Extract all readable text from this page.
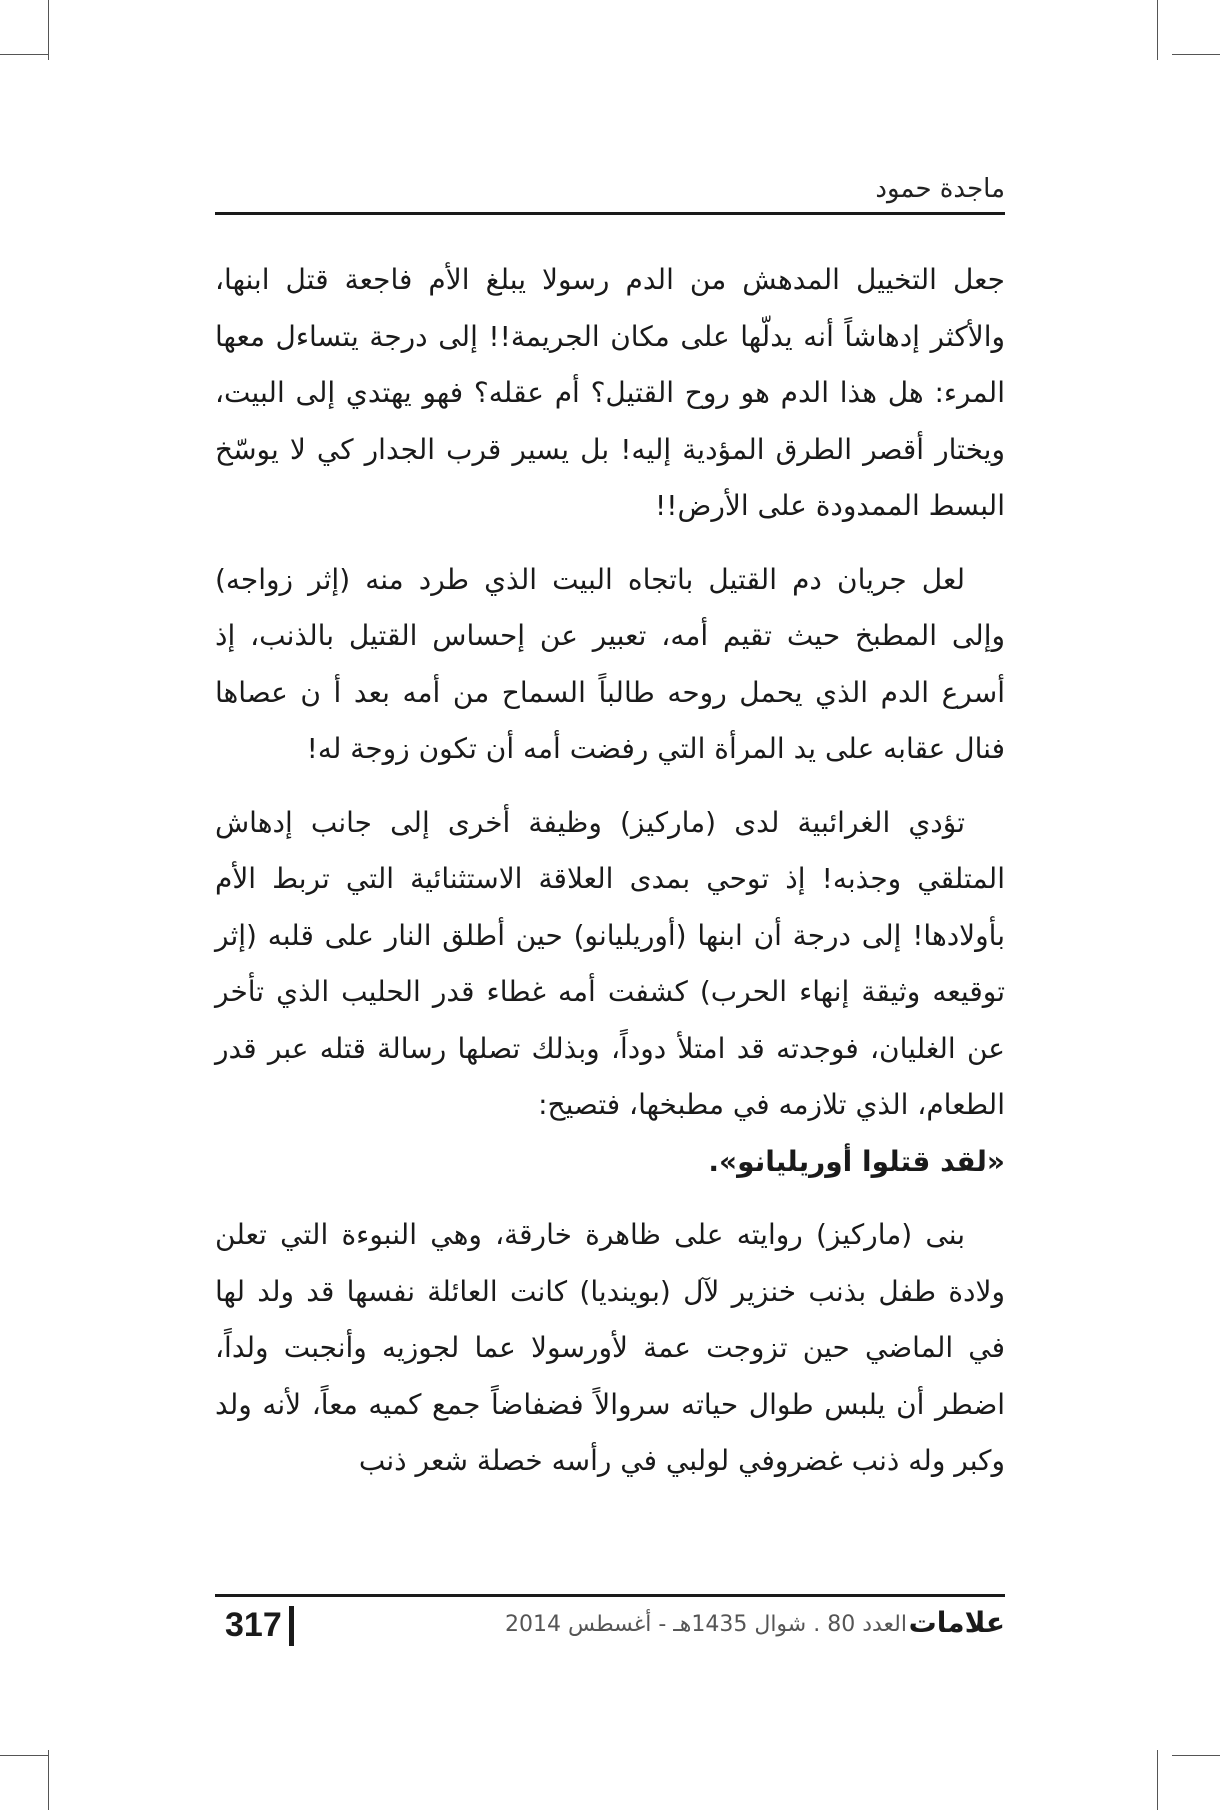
ماجدة حمود

جعل التخييل المدهش من الدم رسولا يبلغ الأم فاجعة قتل ابنها، والأكثر إدهاشاً أنه يدلّها على مكان الجريمة!! إلى درجة يتساءل معها المرء: هل هذا الدم هو روح القتيل؟ أم عقله؟ فهو يهتدي إلى البيت، ويختار أقصر الطرق المؤدية إليه! بل يسير قرب الجدار كي لا يوسّخ البسط الممدودة على الأرض!!

لعل جريان دم القتيل باتجاه البيت الذي طرد منه (إثر زواجه) وإلى المطبخ حيث تقيم أمه، تعبير عن إحساس القتيل بالذنب، إذ أسرع الدم الذي يحمل روحه طالباً السماح من أمه بعد أ ن عصاها فنال عقابه على يد المرأة التي رفضت أمه أن تكون زوجة له!

تؤدي الغرائبية لدى (ماركيز) وظيفة أخرى إلى جانب إدهاش المتلقي وجذبه! إذ توحي بمدى العلاقة الاستثنائية التي تربط الأم بأولادها! إلى درجة أن ابنها (أوريليانو) حين أطلق النار على قلبه (إثر توقيعه وثيقة إنهاء الحرب) كشفت أمه غطاء قدر الحليب الذي تأخر عن الغليان، فوجدته قد امتلأ دوداً، وبذلك تصلها رسالة قتله عبر قدر الطعام، الذي تلازمه في مطبخها، فتصيح:
«لقد قتلوا أوريليانو».

بنى (ماركيز) روايته على ظاهرة خارقة، وهي النبوءة التي تعلن ولادة طفل بذنب خنزير لآل (بوينديا) كانت العائلة نفسها قد ولد لها في الماضي حين تزوجت عمة لأورسولا عما لجوزيه وأنجبت ولداً، اضطر أن يلبس طوال حياته سروالاً فضفاضاً جمع كميه معاً، لأنه ولد وكبر وله ذنب غضروفي لولبي في رأسه خصلة شعر ذنب

317	العدد 80 . شوال 1435هـ - أغسطس 2014 علامات
